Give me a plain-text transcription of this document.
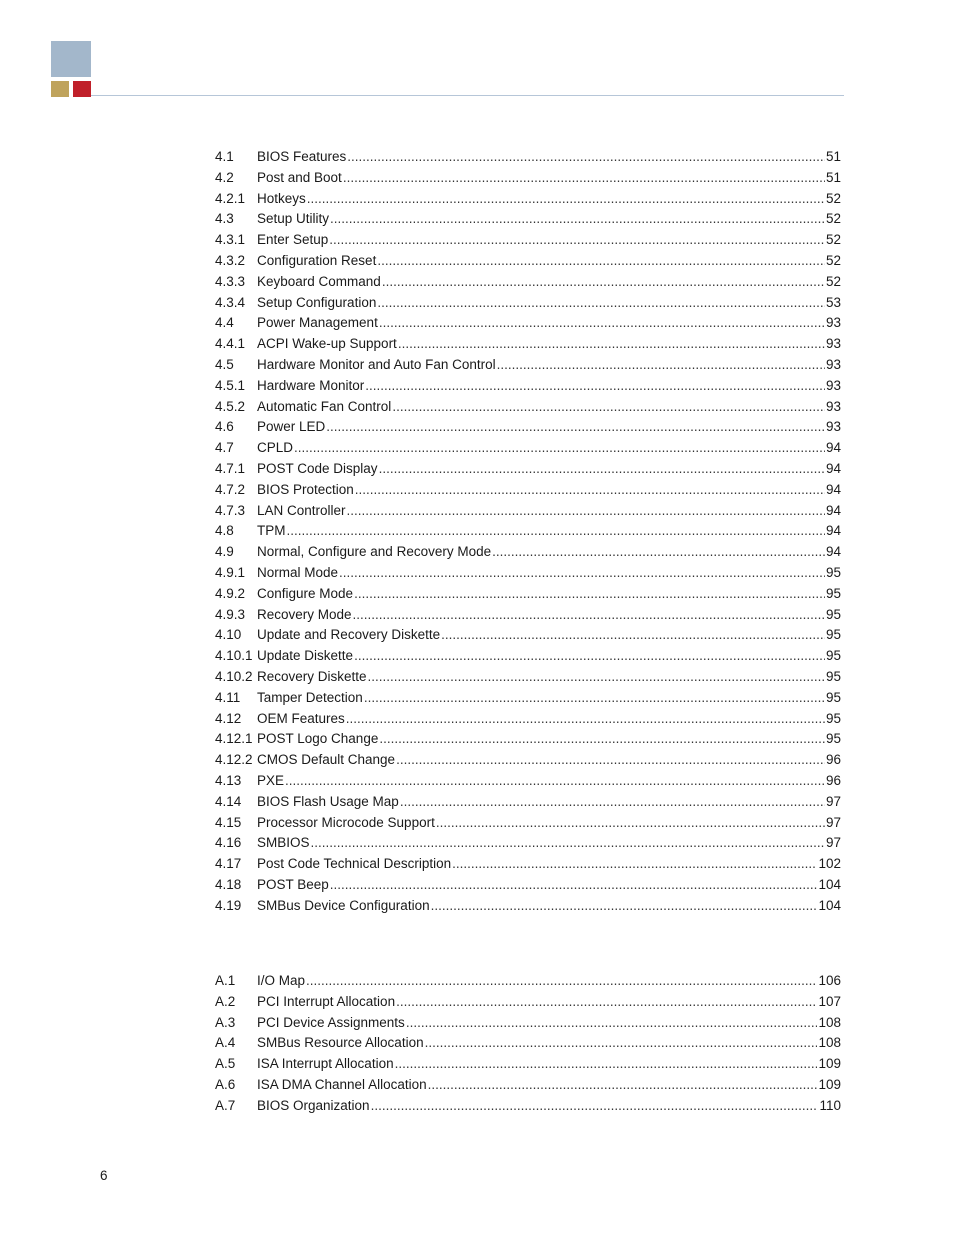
4.1	BIOS Features .....	51
4.2	Post and Boot .....	51
4.2.1 Hotkeys .....	52
4.3	Setup Utility .....	52
4.3.1 Enter Setup .....	52
4.3.2 Configuration Reset .....	52
4.3.3 Keyboard Command .....	52
4.3.4 Setup Configuration .....	53
4.4	Power Management .....	93
4.4.1 ACPI Wake-up Support .....	93
4.5	Hardware Monitor and Auto Fan Control .....	93
4.5.1 Hardware Monitor .....	93
4.5.2 Automatic Fan Control .....	93
4.6	Power LED .....	93
4.7	CPLD .....	94
4.7.1 POST Code Display .....	94
4.7.2 BIOS Protection .....	94
4.7.3 LAN Controller .....	94
4.8	TPM .....	94
4.9	Normal, Configure and Recovery Mode .....	94
4.9.1 Normal Mode .....	95
4.9.2 Configure Mode .....	95
4.9.3 Recovery Mode .....	95
4.10	Update and Recovery Diskette .....	95
4.10.1 Update Diskette .....	95
4.10.2 Recovery Diskette .....	95
4.11	Tamper Detection .....	95
4.12	OEM Features .....	95
4.12.1 POST Logo Change .....	95
4.12.2 CMOS Default Change .....	96
4.13	PXE .....	96
4.14	BIOS Flash Usage Map .....	97
4.15	Processor Microcode Support .....	97
4.16	SMBIOS .....	97
4.17	Post Code Technical Description .....	102
4.18	POST Beep .....	104
4.19	SMBus Device Configuration .....	104
A.1	I/O Map .....	106
A.2	PCI Interrupt Allocation .....	107
A.3	PCI Device Assignments .....	108
A.4	SMBus Resource Allocation .....	108
A.5	ISA Interrupt Allocation .....	109
A.6	ISA DMA Channel Allocation .....	109
A.7	BIOS Organization .....	110
6
